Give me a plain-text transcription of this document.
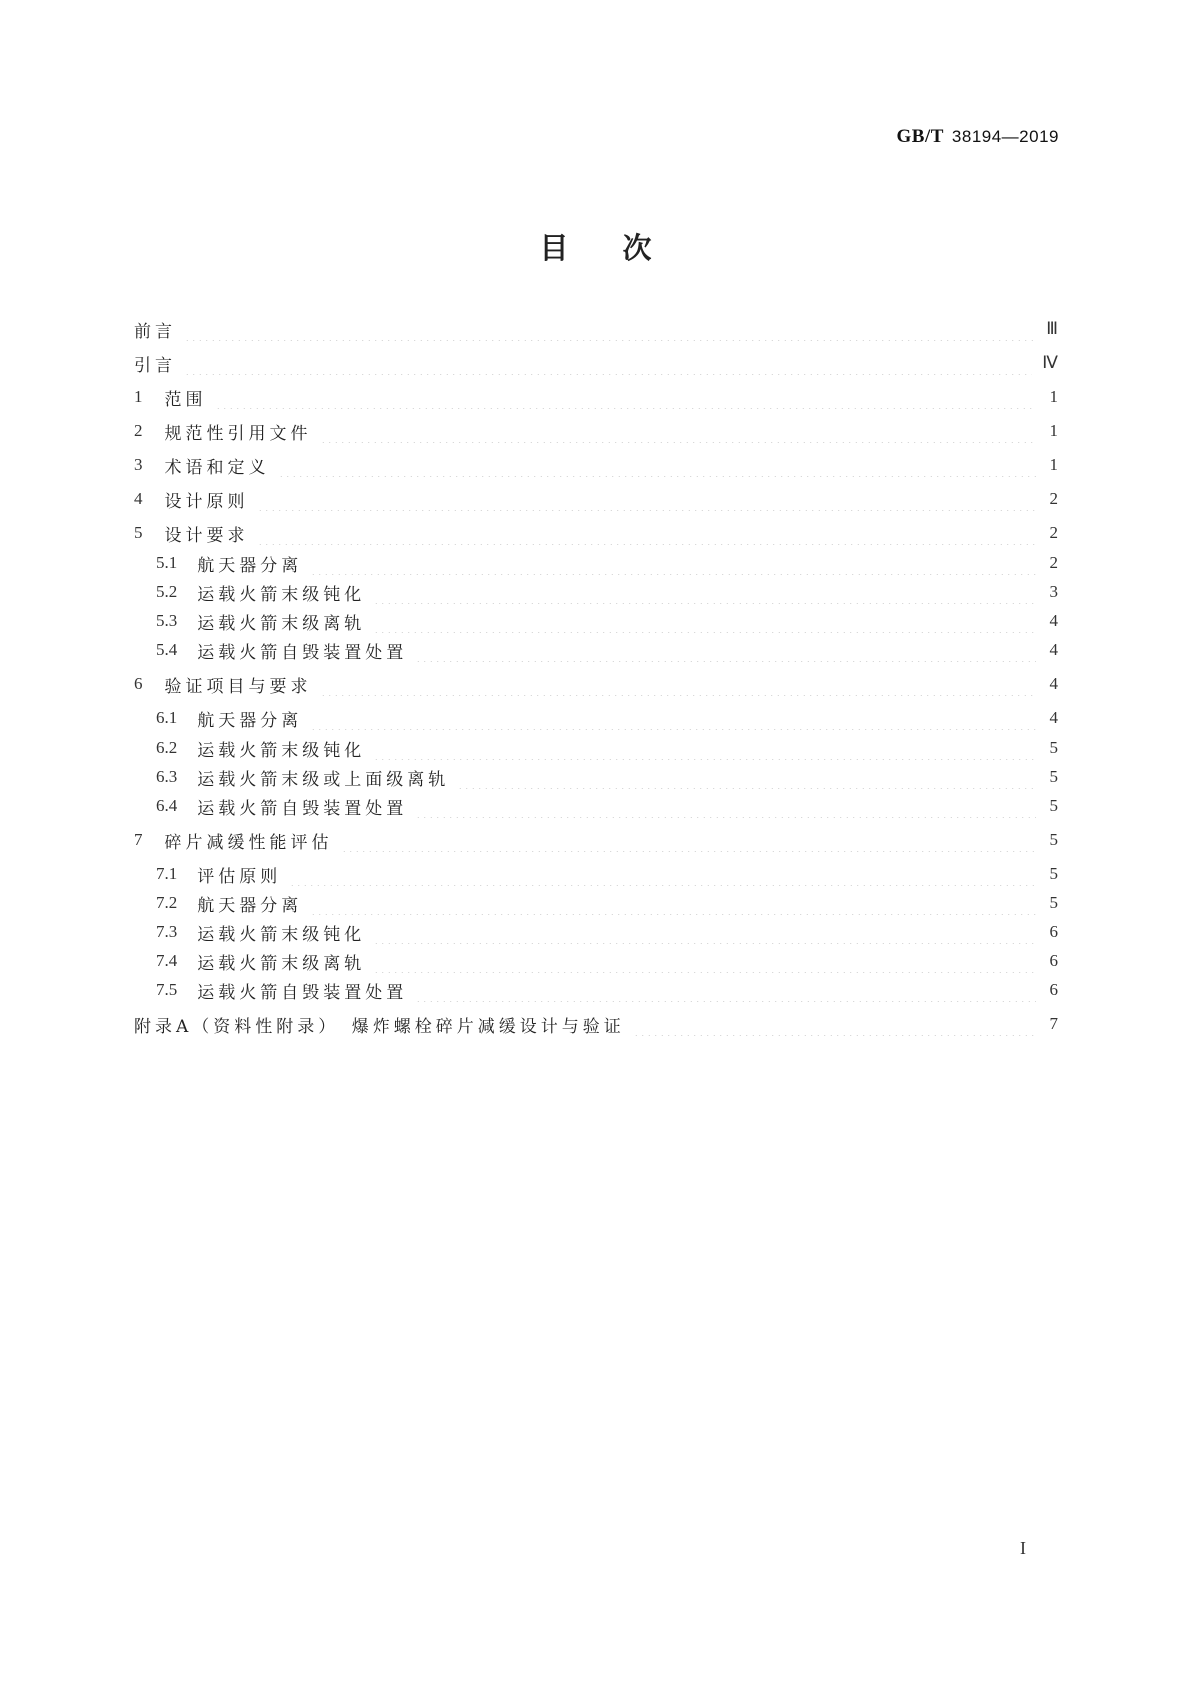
GB/T 38194—2019
目次
前言	Ⅲ
引言	Ⅳ
1 范围	1
2 规范性引用文件	1
3 术语和定义	1
4 设计原则	2
5 设计要求	2
5.1 航天器分离	2
5.2 运载火箭末级钝化	3
5.3 运载火箭末级离轨	4
5.4 运载火箭自毁装置处置	4
6 验证项目与要求	4
6.1 航天器分离	4
6.2 运载火箭末级钝化	5
6.3 运载火箭末级或上面级离轨	5
6.4 运载火箭自毁装置处置	5
7 碎片减缓性能评估	5
7.1 评估原则	5
7.2 航天器分离	5
7.3 运载火箭末级钝化	6
7.4 运载火箭末级离轨	6
7.5 运载火箭自毁装置处置	6
附录A（资料性附录）　爆炸螺栓碎片减缓设计与验证	7
I
